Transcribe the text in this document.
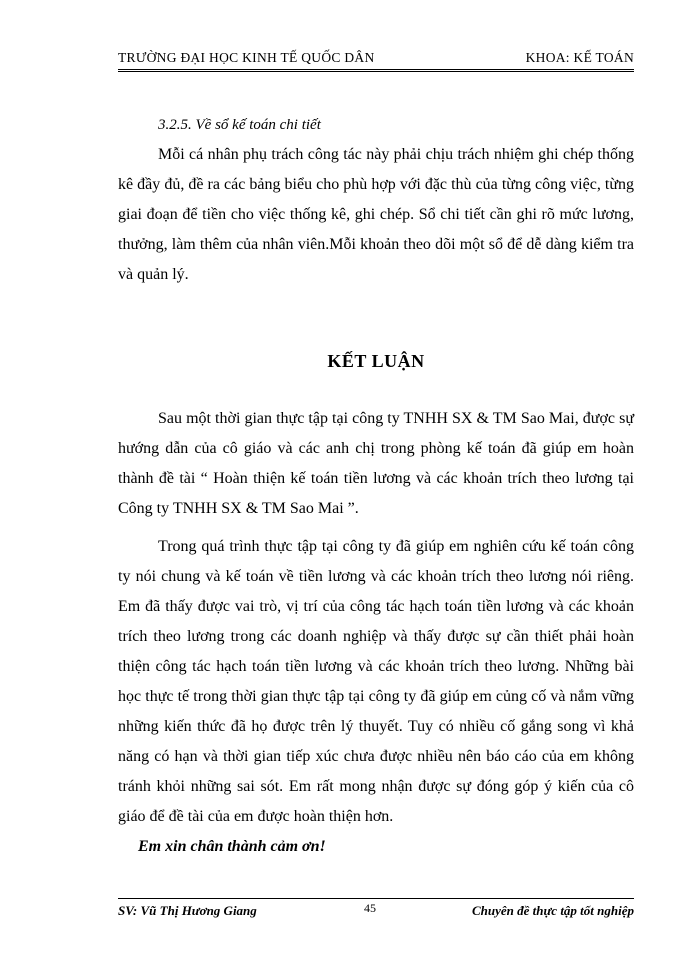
TRƯỜNG ĐẠI HỌC KINH TẾ QUỐC DÂN	KHOA: KẾ TOÁN

3.2.5. Về sổ kế toán chi tiết

Mỗi cá nhân phụ trách công tác này phải chịu trách nhiệm ghi chép thống kê đầy đủ, đề ra các bảng biểu cho phù hợp với đặc thù của từng công việc, từng giai đoạn để tiền cho việc thống kê, ghi chép. Sổ chi tiết cần ghi rõ mức lương, thưởng, làm thêm của nhân viên.Mỗi khoản theo dõi một sổ để dễ dàng kiểm tra và quản lý.

KẾT LUẬN

Sau một thời gian thực tập tại công ty TNHH SX & TM Sao Mai, được sự hướng dẫn của cô giáo và các anh chị trong phòng kế toán đã giúp em hoàn thành đề tài “ Hoàn thiện kế toán tiền lương và các khoản trích theo lương tại Công ty TNHH SX & TM Sao Mai ”.

Trong quá trình thực tập tại công ty đã giúp em nghiên cứu kế toán công ty nói chung và kế toán về tiền lương và các khoản trích theo lương nói riêng. Em đã thấy được vai trò, vị trí của công tác hạch toán tiền lương và các khoản trích theo lương trong các doanh nghiệp và thấy được sự cần thiết phải hoàn thiện công tác hạch toán tiền lương và các khoản trích theo lương. Những bài học thực tế trong thời gian thực tập tại công ty đã giúp em củng cố và nắm vững những kiến thức đã họ được trên lý thuyết. Tuy có nhiều cố gắng song vì khả năng có hạn và thời gian tiếp xúc chưa được nhiều nên báo cáo của em không tránh khỏi những sai sót. Em rất mong nhận được sự đóng góp ý kiến của cô giáo để đề tài của em được hoàn thiện hơn.

Em xin chân thành cảm ơn!

SV: Vũ Thị Hương Giang	45	Chuyên đề thực tập tốt nghiệp
